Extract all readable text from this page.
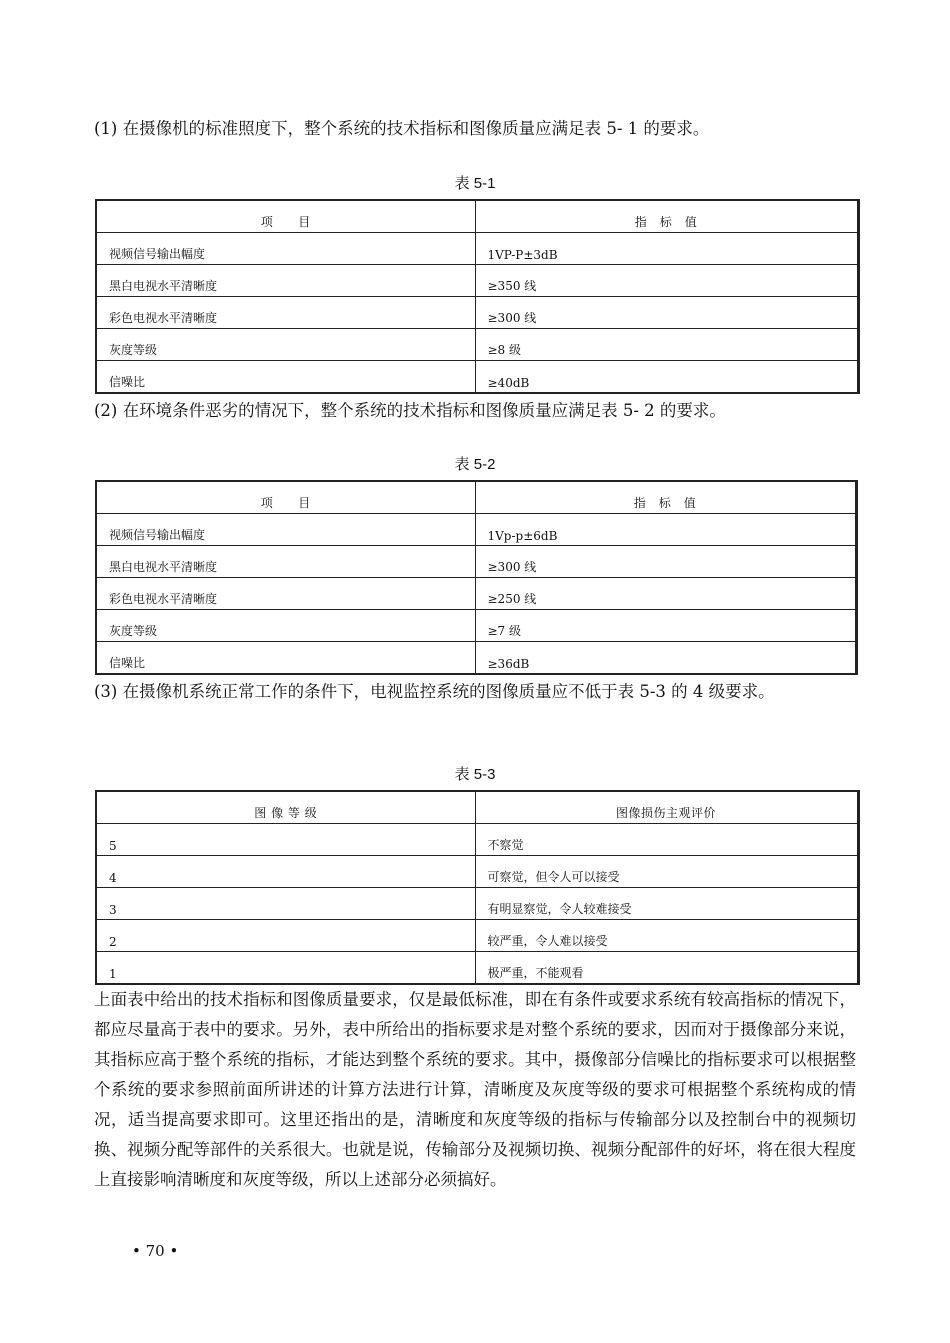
(1) 在摄像机的标准照度下，整个系统的技术指标和图像质量应满足表 5- 1 的要求。

表 5-1
项　　目	指　标　值
视频信号输出幅度	1VP-P±3dB
黑白电视水平清晰度	≥350 线
彩色电视水平清晰度	≥300 线
灰度等级	≥8 级
信噪比	≥40dB

(2) 在环境条件恶劣的情况下，整个系统的技术指标和图像质量应满足表 5- 2 的要求。

表 5-2
项　　目	指　标　值
视频信号输出幅度	1Vp-p±6dB
黑白电视水平清晰度	≥300 线
彩色电视水平清晰度	≥250 线
灰度等级	≥7 级
信噪比	≥36dB

(3) 在摄像机系统正常工作的条件下，电视监控系统的图像质量应不低于表 5-3 的 4 级要求。

表 5-3
图 像 等 级	图像损伤主观评价
5	不察觉
4	可察觉，但令人可以接受
3	有明显察觉，令人较难接受
2	较严重，令人难以接受
1	极严重，不能观看

上面表中给出的技术指标和图像质量要求，仅是最低标准，即在有条件或要求系统有较高指标的情况下，都应尽量高于表中的要求。另外，表中所给出的指标要求是对整个系统的要求，因而对于摄像部分来说，其指标应高于整个系统的指标，才能达到整个系统的要求。其中，摄像部分信噪比的指标要求可以根据整个系统的要求参照前面所讲述的计算方法进行计算，清晰度及灰度等级的要求可根据整个系统构成的情况，适当提高要求即可。这里还指出的是，清晰度和灰度等级的指标与传输部分以及控制台中的视频切换、视频分配等部件的关系很大。也就是说，传输部分及视频切换、视频分配部件的好坏，将在很大程度上直接影响清晰度和灰度等级，所以上述部分必须搞好。

• 70 •
